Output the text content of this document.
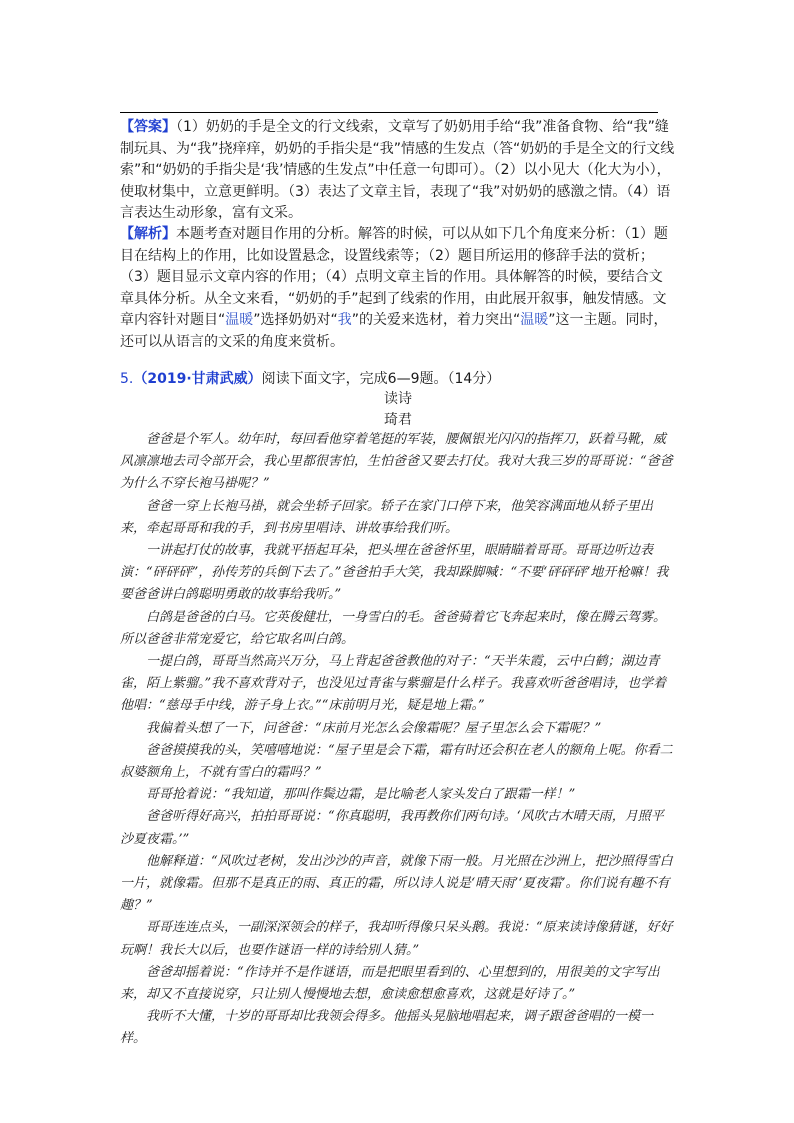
【答案】（1）奶奶的手是全文的行文线索，文章写了奶奶用手给“我”准备食物、给“我”缝制玩具、为“我”挠痒痒，奶奶的手指尖是“我”情感的生发点（答“奶奶的手是全文的行文线索”和“奶奶的手指尖是‘我’情感的生发点”中任意一句即可）。（2）以小见大（化大为小），使取材集中，立意更鲜明。（3）表达了文章主旨，表现了“我”对奶奶的感激之情。（4）语言表达生动形象，富有文采。
【解析】本题考查对题目作用的分析。解答的时候，可以从如下几个角度来分析：（1）题目在结构上的作用，比如设置悬念，设置线索等；（2）题目所运用的修辞手法的赏析；（3）题目显示文章内容的作用；（4）点明文章主旨的作用。具体解答的时候，要结合文章具体分析。从全文来看，“奶奶的手”起到了线索的作用，由此展开叙事，触发情感。文章内容针对题目“温暖”选择奶奶对“我”的关爱来选材，着力突出“温暖”这一主题。同时，还可以从语言的文采的角度来赏析。
5.（2019·甘肃武威）阅读下面文字，完成6—9题。（14分）
读诗
琦君

爸爸是个军人。幼年时，每回看他穿着笔挺的军装，腰佩银光闪闪的指挥刀，跃着马靴，威风凛凛地去司令部开会，我心里都很害怕，生怕爸爸又要去打仗。我对大我三岁的哥哥说：“爸爸为什么不穿长袍马褂呢？”

爸爸一穿上长袍马褂，就会坐轿子回家。轿子在家门口停下来，他笑容满面地从轿子里出来，牵起哥哥和我的手，到书房里唱诗、讲故事给我们听。

一讲起打仗的故事，我就平捂起耳朵，把头埋在爸爸怀里，眼睛瞄着哥哥。哥哥边听边表演：“砰砰砰”，孙传芳的兵倒下去了。”爸爸拍手大笑，我却跺脚喊：“不要‘砰砰砰’地开枪嘛！我要爸爸讲白鸽聪明勇敢的故事给我听。”

白鸽是爸爸的白马。它英俊健壮，一身雪白的毛。爸爸骑着它飞奔起来时，像在腾云驾雾。所以爸爸非常宠爱它，给它取名叫白鸽。

一提白鸽，哥哥当然高兴万分，马上背起爸爸教他的对子：“天半朱霞，云中白鹤；湖边青雀，陌上紫骝。”我不喜欢背对子，也没见过青雀与紫骝是什么样子。我喜欢听爸爸唱诗，也学着他唱：“慈母手中线，游子身上衣。”“床前明月光，疑是地上霜。”

我偏着头想了一下，问爸爸：“床前月光怎么会像霜呢？屋子里怎么会下霜呢？”

爸爸摸摸我的头，笑嘻嘻地说：“屋子里是会下霜，霜有时还会积在老人的额角上呢。你看二叔婆额角上，不就有雪白的霜吗？”

哥哥抢着说：“我知道，那叫作鬓边霜，是比喻老人家头发白了跟霜一样！”

爸爸听得好高兴，拍拍哥哥说：“你真聪明，我再教你们两句诗。‘风吹古木晴天雨，月照平沙夏夜霜。’”

他解释道：“风吹过老树，发出沙沙的声音，就像下雨一般。月光照在沙洲上，把沙照得雪白一片，就像霜。但那不是真正的雨、真正的霜，所以诗人说是‘晴天雨’‘夏夜霜’。你们说有趣不有趣？”

哥哥连连点头，一副深深领会的样子，我却听得像只呆头鹅。我说：“原来读诗像猜谜，好好玩啊！我长大以后，也要作谜语一样的诗给别人猜。”

爸爸却摇着说：“作诗并不是作谜语，而是把眼里看到的、心里想到的，用很美的文字写出来，却又不直接说穿，只让别人慢慢地去想，愈读愈想愈喜欢，这就是好诗了。”

我听不大懂，十岁的哥哥却比我领会得多。他摇头晃脑地唱起来，调子跟爸爸唱的一模一样。
